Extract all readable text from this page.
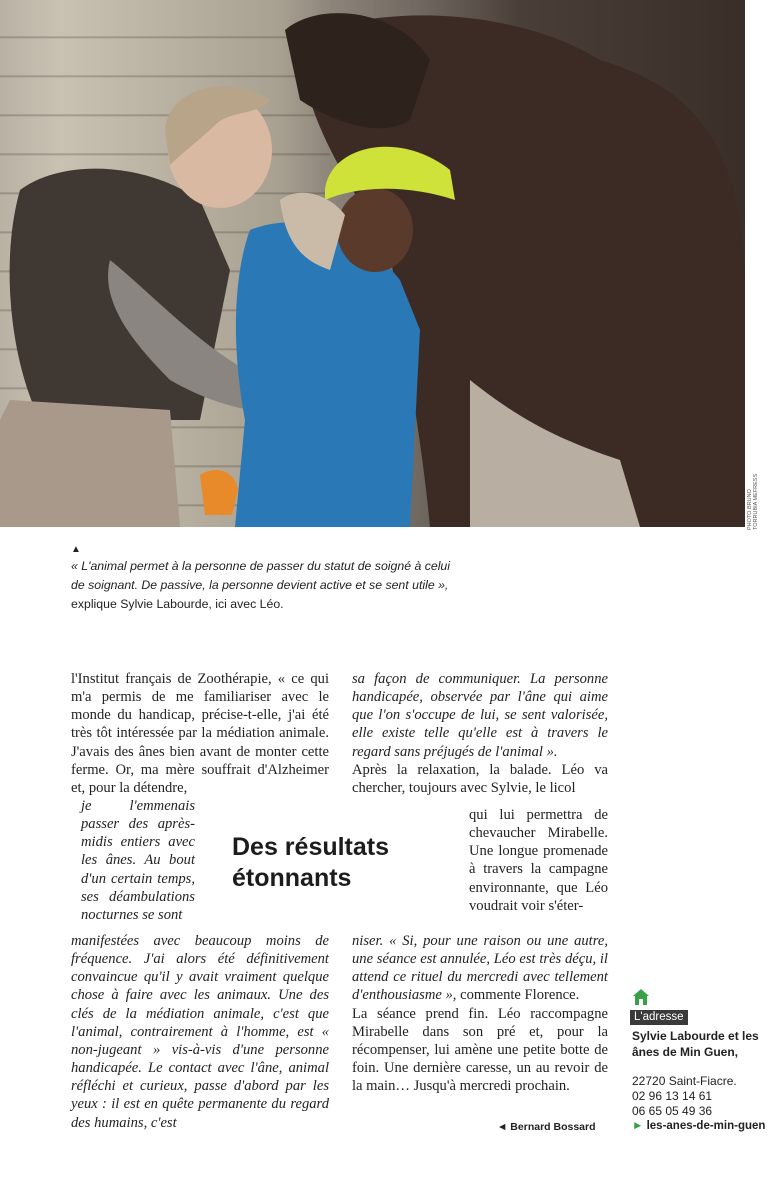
PHOTO BRUNO TORRUBIA MEFRESS
▲
« L'animal permet à la personne de passer du statut de soigné à celui de soignant. De passive, la personne devient active et se sent utile », explique Sylvie Labourde, ici avec Léo.

l'Institut français de Zoothérapie, « ce qui m'a permis de me familiariser avec le monde du handicap, précise-t-elle, j'ai été très tôt intéressée par la médiation animale. J'avais des ânes bien avant de monter cette ferme. Or, ma mère souffrait d'Alzheimer et, pour la détendre,

je l'emmenais passer des après-midis entiers avec les ânes. Au bout d'un certain temps, ses déambulations nocturnes se sont

manifestées avec beaucoup moins de fréquence. J'ai alors été définitivement convaincue qu'il y avait vraiment quelque chose à faire avec les animaux. Une des clés de la médiation animale, c'est que l'animal, contrairement à l'homme, est « non-jugeant » vis-à-vis d'une personne handicapée. Le contact avec l'âne, animal réfléchi et curieux, passe d'abord par les yeux : il est en quête permanente du regard des humains, c'est

Des résultats étonnants

sa façon de communiquer. La personne handicapée, observée par l'âne qui aime que l'on s'occupe de lui, se sent valorisée, elle existe telle qu'elle est à travers le regard sans préjugés de l'animal ».

Après la relaxation, la balade. Léo va chercher, toujours avec Sylvie, le licol

qui lui permettra de chevaucher Mirabelle. Une longue promenade à travers la campagne environnante, que Léo voudrait voir s'éter-

niser. « Si, pour une raison ou une autre, une séance est annulée, Léo est très déçu, il attend ce rituel du mercredi avec tellement d'enthousiasme », commente Florence.

La séance prend fin. Léo raccompagne Mirabelle dans son pré et, pour la récompenser, lui amène une petite botte de foin. Une dernière caresse, un au revoir de la main… Jusqu'à mercredi prochain.

◄ Bernard Bossard
L'adresse
Sylvie Labourde et les ânes de Min Guen,
22720 Saint-Fiacre.
02 96 13 14 61
06 65 05 49 36
► les-anes-de-min-guen
